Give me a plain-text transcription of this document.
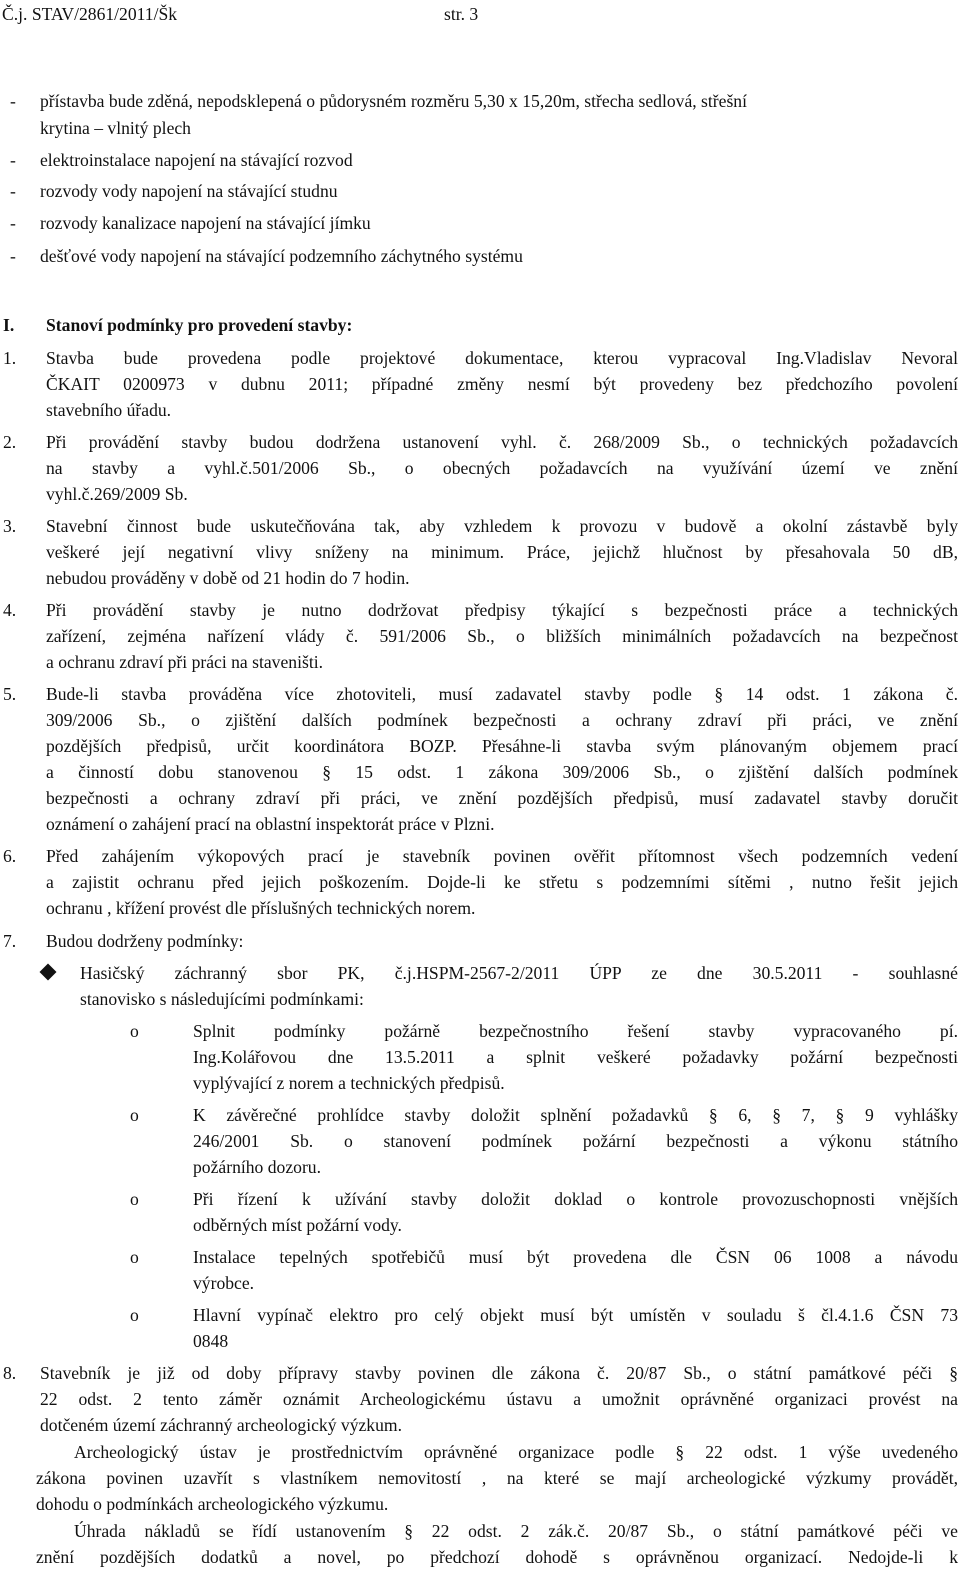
Č.j. STAV/2861/2011/Šk	str. 3
- přístavba bude zděná, nepodsklepená o půdorysném rozměru 5,30 x 15,20m, střecha sedlová, střešní
krytina – vlnitý plech
- elektroinstalace napojení na stávající rozvod
- rozvody vody napojení na stávající studnu
- rozvody kanalizace napojení na stávající jímku
- dešťové vody napojení na stávající podzemního záchytného systému
I. Stanoví podmínky pro provedení stavby:
1. Stavba bude provedena podle projektové dokumentace, kterou vypracoval Ing.Vladislav Nevoral
ČKAIT 0200973 v dubnu 2011; případné změny nesmí být provedeny bez předchozího povolení
stavebního úřadu.
2. Při provádění stavby budou dodržena ustanovení vyhl. č. 268/2009 Sb., o technických požadavcích
na stavby a vyhl.č.501/2006 Sb., o obecných požadavcích na využívání území ve znění
vyhl.č.269/2009 Sb.
3. Stavební činnost bude uskutečňována tak, aby vzhledem k provozu v budově a okolní zástavbě byly
veškeré její negativní vlivy sníženy na minimum. Práce, jejichž hlučnost by přesahovala 50 dB,
nebudou prováděny v době od 21 hodin do 7 hodin.
4. Při provádění stavby je nutno dodržovat předpisy týkající s bezpečnosti práce a technických
zařízení, zejména nařízení vlády č. 591/2006 Sb., o bližších minimálních požadavcích na bezpečnost
a ochranu zdraví při práci na staveništi.
5. Bude-li stavba prováděna více zhotoviteli, musí zadavatel stavby podle § 14 odst. 1 zákona č.
309/2006 Sb., o zjištění dalších podmínek bezpečnosti a ochrany zdraví při práci, ve znění
pozdějších předpisů, určit koordinátora BOZP. Přesáhne-li stavba svým plánovaným objemem prací
a činností dobu stanovenou § 15 odst. 1 zákona 309/2006 Sb., o zjištění dalších podmínek
bezpečnosti a ochrany zdraví při práci, ve znění pozdějších předpisů, musí zadavatel stavby doručit
oznámení o zahájení prací na oblastní inspektorát práce v Plzni.
6. Před zahájením výkopových prací je stavebník povinen ověřit přítomnost všech podzemních vedení
a zajistit ochranu před jejich poškozením. Dojde-li ke střetu s podzemními sítěmi , nutno řešit jejich
ochranu , křížení provést dle příslušných technických norem.
7. Budou dodrženy podmínky:
Hasičský záchranný sbor PK, č.j.HSPM-2567-2/2011 ÚPP ze dne 30.5.2011 - souhlasné
stanovisko s následujícími podmínkami:
o	Splnit podmínky požárně bezpečnostního řešení stavby vypracovaného pí.
Ing.Kolářovou dne 13.5.2011 a splnit veškeré požadavky požární bezpečnosti
vyplývající z norem a technických předpisů.
o	K závěrečné prohlídce stavby doložit splnění požadavků § 6, § 7, § 9 vyhlášky
246/2001 Sb. o stanovení podmínek požární bezpečnosti a výkonu státního
požárního dozoru.
o	Při řízení k užívání stavby doložit doklad o kontrole provozuschopnosti vnějších
odběrných míst požární vody.
o	Instalace tepelných spotřebičů musí být provedena dle ČSN 06 1008 a návodu
výrobce.
o	Hlavní vypínač elektro pro celý objekt musí být umístěn v souladu š čl.4.1.6 ČSN 73
0848
8. Stavebník je již od doby přípravy stavby povinen dle zákona č. 20/87 Sb., o státní památkové péči §
22 odst. 2 tento záměr oznámit Archeologickému ústavu a umožnit oprávněné organizaci provést na
dotčeném území záchranný archeologický výzkum.
Archeologický ústav je prostřednictvím oprávněné organizace podle § 22 odst. 1 výše uvedeného
zákona povinen uzavřít s vlastníkem nemovitostí , na které se mají archeologické výzkumy provádět,
dohodu o podmínkách archeologického výzkumu.
Úhrada nákladů se řídí ustanovením § 22 odst. 2 zák.č. 20/87 Sb., o státní památkové péči ve
znění pozdějších dodatků a novel, po předchozí dohodě s oprávněnou organizací. Nedojde-li k
